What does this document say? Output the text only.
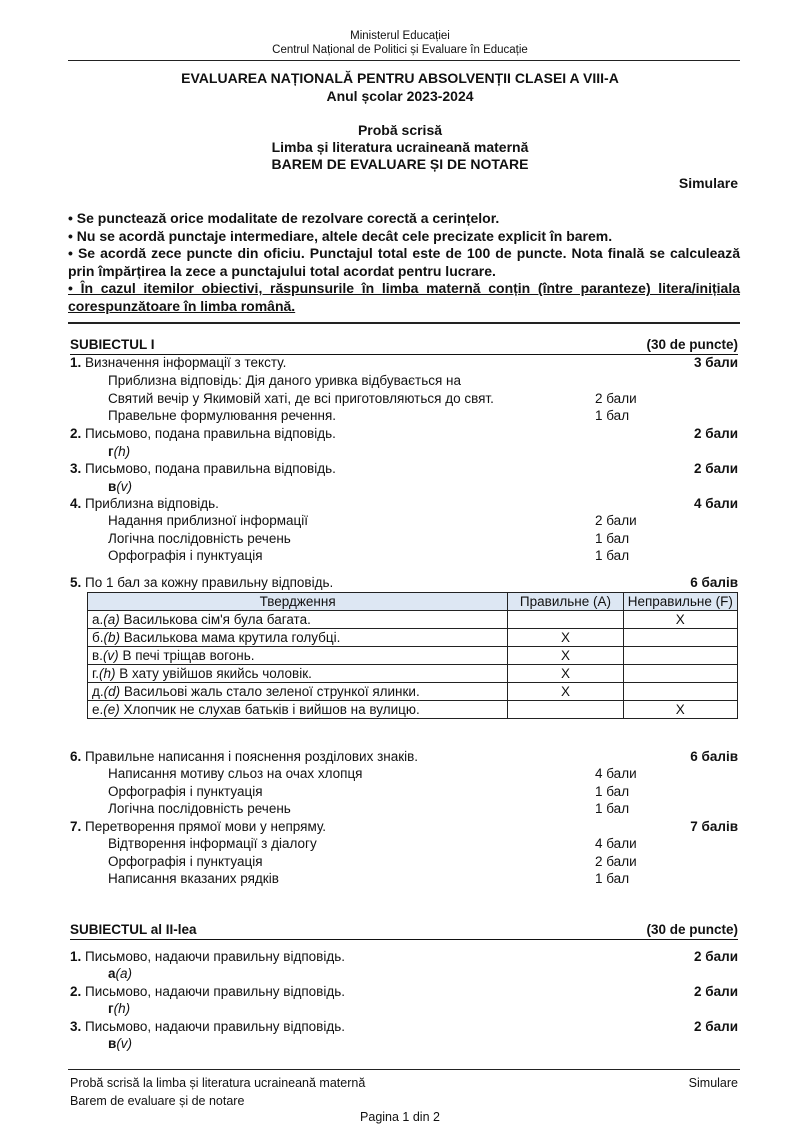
Ministerul Educației
Centrul Național de Politici și Evaluare în Educație
EVALUAREA NAȚIONALĂ PENTRU ABSOLVENȚII CLASEI A VIII-A
Anul școlar 2023-2024
Probă scrisă
Limba și literatura ucraineană maternă
BAREM DE EVALUARE ȘI DE NOTARE
Simulare

• Se punctează orice modalitate de rezolvare corectă a cerințelor.

• Nu se acordă punctaje intermediare, altele decât cele precizate explicit în barem.

• Se acordă zece puncte din oficiu. Punctajul total este de 100 de puncte. Nota finală se calculează prin împărțirea la zece a punctajului total acordat pentru lucrare.

• În cazul itemilor obiectivi, răspunsurile în limba maternă conțin (între paranteze) litera/inițiala corespunzătoare în limba română.

SUBIECTUL I	(30 de puncte)
1. Визначення інформації з тексту.	3 бали
Приблизна відповідь: Дія даного уривка відбувається на
Святий вечір у Якимовій хаті, де всі приготовляються до свят.	2 бали
Правельне формулювання речення.	1 бал
2. Письмово, подана правильна відповідь.	2 бали
г(h)
3. Письмово, подана правильна відповідь.	2 бали
в(v)
4. Приблизна відповідь.	4 бали
Надання приблизної інформації	2 бали
Логічна послідовність речень	1 бал
Орфографія і пунктуація	1 бал
5. По 1 бал за кожну правильну відповідь.	6 балів
Твердження	Правильне (A)	Неправильне (F)
а.(a) Василькова сім'я була багата.		X
б.(b) Василькова мама крутила голубці.	X	
в.(v) В печі тріщав вогонь.	X	
г.(h) В хату увійшов якийсь чоловік.	X	
д.(d) Васильові жаль стало зеленої стрункої ялинки.	X	
е.(e) Хлопчик не слухав батьків і вийшов на вулицю.		X
6. Правильне написання і пояснення розділових знаків.	6 балів
Написання мотиву сльоз на очах хлопця	4 бали
Орфографія і пунктуація	1 бал
Логічна послідовність речень	1 бал
7. Перетворення прямої мови у непряму.	7 балів
Відтворення інформації з діалогу	4 бали
Орфографія і пунктуація	2 бали
Написання вказаних рядків	1 бал
SUBIECTUL al II-lea	(30 de puncte)
1. Письмово, надаючи правильну відповідь.	2 бали
а(a)
2. Письмово, надаючи правильну відповідь.	2 бали
г(h)
3. Письмово, надаючи правильну відповідь.	2 бали
в(v)
Probă scrisă la limba și literatura ucraineană maternă
Barem de evaluare și de notare
Simulare
Pagina 1 din 2
